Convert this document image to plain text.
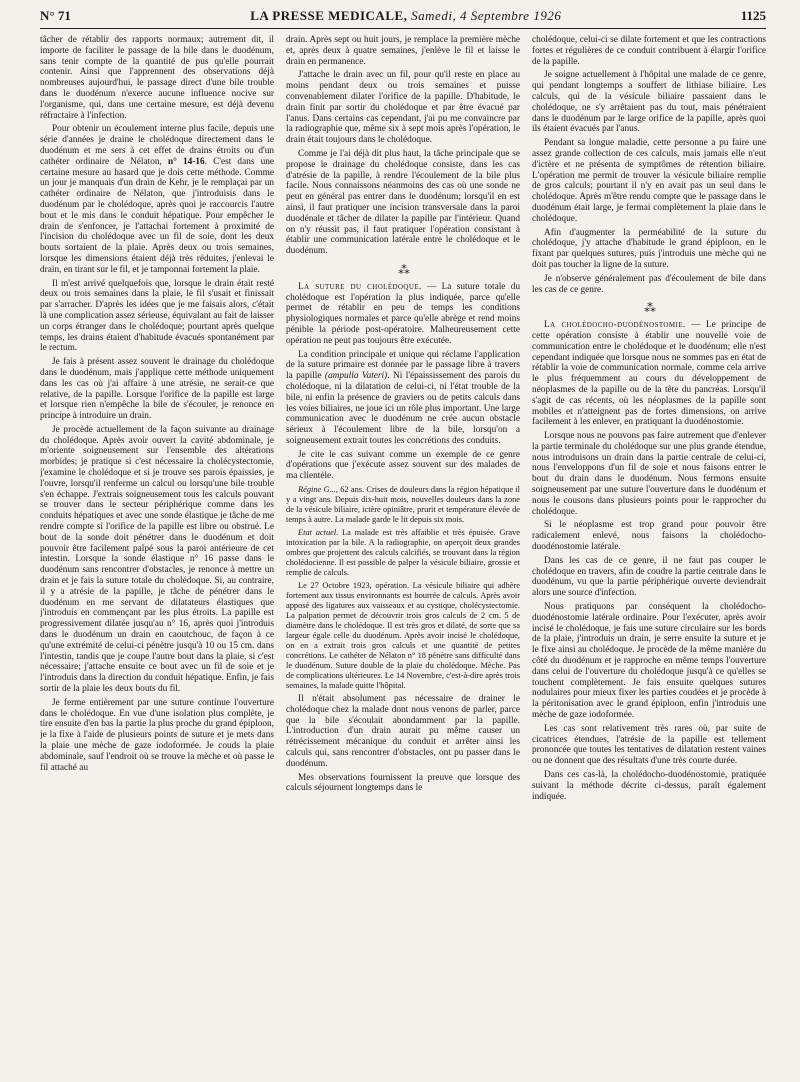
N° 71	LA PRESSE MEDICALE, Samedi, 4 Septembre 1926	1125

tâcher de rétablir des rapports normaux; autrement dit, il importe de faciliter le passage de la bile dans le duodénum, sans tenir compte de la quantité de pus qu'elle pourrait contenir. Ainsi que l'apprennent des observations déjà nombreuses aujourd'hui, le passage direct d'une bile trouble dans le duodénum n'exerce aucune influence nocive sur l'organisme, qui, dans une certaine mesure, est déjà devenu réfractaire à l'infection.

Pour obtenir un écoulement interne plus facile, depuis une série d'années je draine le cholédoque directement dans le duodénum et me sers à cet effet de drains étroits ou d'un cathéter ordinaire de Nélaton, n° 14-16. C'est dans une certaine mesure au hasard que je dois cette méthode. Comme un jour je manquais d'un drain de Kehr, je le remplaçai par un cathéter ordinaire de Nélaton, que j'introduisis dans le duodénum par le cholédoque, après quoi je raccourcis l'autre bout et le mis dans le conduit hépatique. Pour empêcher le drain de s'enfoncer, je l'attachai fortement à proximité de l'incision du cholédoque avec un fil de soie, dont les deux bouts sortaient de la plaie. Après deux ou trois semaines, lorsque les dimensions étaient déjà très réduites, j'enlevai le drain, en tirant sur le fil, et je tamponnai fortement la plaie.

Il m'est arrivé quelquefois que, lorsque le drain était resté deux ou trois semaines dans la plaie, le fil s'usait et finissait par s'arracher. D'après les idées que je me faisais alors, c'était là une complication assez sérieuse, équivalant au fait de laisser un corps étranger dans le cholédoque; pourtant après quelque temps, les drains étaient d'habitude évacués spontanément par le rectum.

Je fais à présent assez souvent le drainage du cholédoque dans le duodénum, mais j'applique cette méthode uniquement dans les cas où j'ai affaire à une atrésie, ne serait-ce que relative, de la papille. Lorsque l'orifice de la papille est large et lorsque rien n'empêche la bile de s'écouler, je renonce en principe à introduire un drain.

Je procède actuellement de la façon suivante au drainage du cholédoque. Après avoir ouvert la cavité abdominale, je m'oriente soigneusement sur l'ensemble des altérations morbides; je pratique si c'est nécessaire la cholécystectomie, j'examine le cholédoque et si je trouve ses parois épaissies, je l'ouvre, lorsqu'il renferme un calcul ou lorsqu'une bile trouble s'en échappe. J'extrais soigneusement tous les calculs pouvant se trouver dans le secteur périphérique comme dans les conduits hépatiques et avec une sonde élastique je tâche de me rendre compte si l'orifice de la papille est libre ou obstrué. Le bout de la sonde doit pénétrer dans le duodénum et doit pouvoir être facilement palpé sous la paroi antérieure de cet intestin. Lorsque la sonde élastique n° 16 passe dans le duodénum sans rencontrer d'obstacles, je renonce à mettre un drain et je fais la suture totale du cholédoque. Si, au contraire, il y a atrésie de la papille, je tâche de pénétrer dans le duodénum en me servant de dilatateurs élastiques que j'introduis en commençant par les plus étroits. La papille est progressivement dilatée jusqu'au n° 16, après quoi j'introduis dans le duodénum un drain en caoutchouc, de façon à ce qu'une extrémité de celui-ci pénètre jusqu'à 10 ou 15 cm. dans l'intestin, tandis que je coupe l'autre bout dans la plaie, si c'est nécessaire; j'attache ensuite ce bout avec un fil de soie et je l'introduis dans la direction du conduit hépatique. Enfin, je fais sortir de la plaie les deux bouts du fil.

Je ferme entièrement par une suture continue l'ouverture dans le cholédoque. En vue d'une isolation plus complète, je tire ensuite d'en bas la partie la plus proche du grand épiploon, je la fixe à l'aide de plusieurs points de suture et je mets dans la plaie une mèche de gaze iodoformée. Je couds la plaie abdominale, sauf l'endroit où se trouve la mèche et où passe le fil attaché au

drain. Après sept ou huit jours, je remplace la première mèche et, après deux à quatre semaines, j'enlève le fil et laisse le drain en permanence.

J'attache le drain avec un fil, pour qu'il reste en place au moins pendant deux ou trois semaines et puisse convenablement dilater l'orifice de la papille. D'habitude, le drain finit par sortir du cholédoque et par être évacué par l'anus. Dans certains cas cependant, j'ai pu me convaincre par la radiographie que, même six à sept mois après l'opération, le drain était toujours dans le cholédoque.

Comme je l'ai déjà dit plus haut, la tâche principale que se propose le drainage du cholédoque consiste, dans les cas d'atrésie de la papille, à rendre l'écoulement de la bile plus facile. Nous connaissons néanmoins des cas où une sonde ne peut en général pas entrer dans le duodénum; lorsqu'il en est ainsi, il faut pratiquer une incision transversale dans la paroi duodénale et tâcher de dilater la papille par l'intérieur. Quand on n'y réussit pas, il faut pratiquer l'opération consistant à établir une communication latérale entre le cholédoque et le duodénum.

⁂

La suture du cholédoque. — La suture totale du cholédoque est l'opération la plus indiquée, parce qu'elle permet de rétablir en peu de temps les conditions physiologiques normales et parce qu'elle abrège et rend moins pénible la période post-opératoire. Malheureusement cette opération ne peut pas toujours être exécutée.

La condition principale et unique qui réclame l'application de la suture primaire est donnée par le passage libre à travers la papille (ampulla Vateri). Ni l'épaississement des parois du cholédoque, ni la dilatation de celui-ci, ni l'état trouble de la bile, ni enfin la présence de graviers ou de petits calculs dans les voies biliaires, ne joue ici un rôle plus important. Une large communication avec le duodénum ne crée aucun obstacle sérieux à l'écoulement libre de la bile, lorsqu'on a soigneusement extrait toutes les concrétions des conduits.

Je cite le cas suivant comme un exemple de ce genre d'opérations que j'exécute assez souvent sur des malades de ma clientèle.

Régine G..., 62 ans. Crises de douleurs dans la région hépatique il y a vingt ans. Depuis dix-huit mois, nouvelles douleurs dans la zone de la vésicule biliaire, ictère opiniâtre, prurit et température élevée de temps à autre. La malade garde le lit depuis six mois.

Etat actuel. La malade est très affaiblie et très épuisée. Grave intoxication par la bile. A la radiographie, on aperçoit deux grandes ombres que projettent des calculs calcifiés, se trouvant dans la région cholédocienne. Il est possible de palper la vésicule biliaire, grossie et remplie de calculs.

Le 27 Octobre 1923, opération. La vésicule biliaire qui adhère fortement aux tissus environnants est bourrée de calculs. Après avoir apposé des ligatures aux vaisseaux et au cystique, cholécystectomie. La palpation permet de découvrir trois gros calculs de 2 cm. 5 de diamètre dans le cholédoque. Il est très gros et dilaté, de sorte que sa largeur égale celle du duodénum. Après avoir incisé le cholédoque, on en a extrait trois gros calculs et une quantité de petites concrétions. Le cathéter de Nélaton n° 18 pénètre sans difficulté dans le duodénum. Suture double de la plaie du cholédoque. Mèche. Pas de complications ultérieures. Le 14 Novembre, c'est-à-dire après trois semaines, la malade quitte l'hôpital.

Il n'était absolument pas nécessaire de drainer le cholédoque chez la malade dont nous venons de parler, parce que la bile s'écoulait abondamment par la papille. L'introduction d'un drain aurait pu même causer un rétrécissement mécanique du conduit et arrêter ainsi les calculs qui, sans rencontrer d'obstacles, ont pu passer dans le duodénum.

Mes observations fournissent la preuve que lorsque des calculs séjournent longtemps dans le

cholédoque, celui-ci se dilate fortement et que les contractions fortes et régulières de ce conduit contribuent à élargir l'orifice de la papille.

Je soigne actuellement à l'hôpital une malade de ce genre, qui pendant longtemps a souffert de lithiase biliaire. Les calculs, qui de la vésicule biliaire passaient dans le cholédoque, ne s'y arrêtaient pas du tout, mais pénétraient dans le duodénum par le large orifice de la papille, après quoi ils étaient évacués par l'anus.

Pendant sa longue maladie, cette personne a pu faire une assez grande collection de ces calculs, mais jamais elle n'eut d'ictère et ne présenta de symptômes de rétention biliaire. L'opération me permit de trouver la vésicule biliaire remplie de gros calculs; pourtant il n'y en avait pas un seul dans le cholédoque. Après m'être rendu compte que le passage dans le duodénum était large, je fermai complètement la plaie dans le cholédoque.

Afin d'augmenter la perméabilité de la suture du cholédoque, j'y attache d'habitude le grand épiploon, en le fixant par quelques sutures, puis j'introduis une mèche qui ne doit pas toucher la ligne de la suture.

Je n'observe généralement pas d'écoulement de bile dans les cas de ce genre.

⁂

La cholédocho-duodénostomie. — Le principe de cette opération consiste à établir une nouvelle voie de communication entre le cholédoque et le duodénum; elle n'est cependant indiquée que lorsque nous ne sommes pas en état de rétablir la voie de communication normale, comme cela arrive le plus fréquemment au cours du développement de néoplasmes de la papille ou de la tête du pancréas. Lorsqu'il s'agit de cas récents, où les néoplasmes de la papille sont mobiles et n'atteignent pas de fortes dimensions, on arrive facilement à les enlever, en pratiquant la duodénostomie.

Lorsque nous ne pouvons pas faire autrement que d'enlever la partie terminale du cholédoque sur une plus grande étendue, nous introduisons un drain dans la partie centrale de celui-ci, nous l'enveloppons d'un fil de soie et nous faisons entrer le bout du drain dans le duodénum. Nous fermons ensuite soigneusement par une suture l'ouverture dans le duodénum et nous le cousons dans plusieurs points pour le rapprocher du cholédoque.

Si le néoplasme est trop grand pour pouvoir être radicalement enlevé, nous faisons la cholédocho-duodénostomie latérale.

Dans les cas de ce genre, il ne faut pas couper le cholédoque en travers, afin de coudre la partie centrale dans le duodénum, vu que la partie périphérique ouverte deviendrait alors une source d'infection.

Nous pratiquons par conséquent la cholédocho-duodénostomie latérale ordinaire. Pour l'exécuter, après avoir incisé le cholédoque, je fais une suture circulaire sur les bords de la plaie, j'introduis un drain, je serre ensuite la suture et je le fixe ainsi au cholédoque. Je procède de la même manière du côté du duodénum et je rapproche en même temps l'ouverture dans celui de l'ouverture du cholédoque jusqu'à ce qu'elles se touchent complètement. Je fais ensuite quelques sutures nodulaires pour mieux fixer les parties coudées et je procède à la péritonisation avec le grand épiploon, enfin j'introduis une mèche de gaze iodoformée.

Les cas sont relativement très rares où, par suite de cicatrices étendues, l'atrésie de la papille est tellement prononcée que toutes les tentatives de dilatation restent vaines ou ne donnent que des résultats d'une très courte durée.

Dans ces cas-là, la cholédocho-duodénostomie, pratiquée suivant la méthode décrite ci-dessus, paraît également indiquée.
